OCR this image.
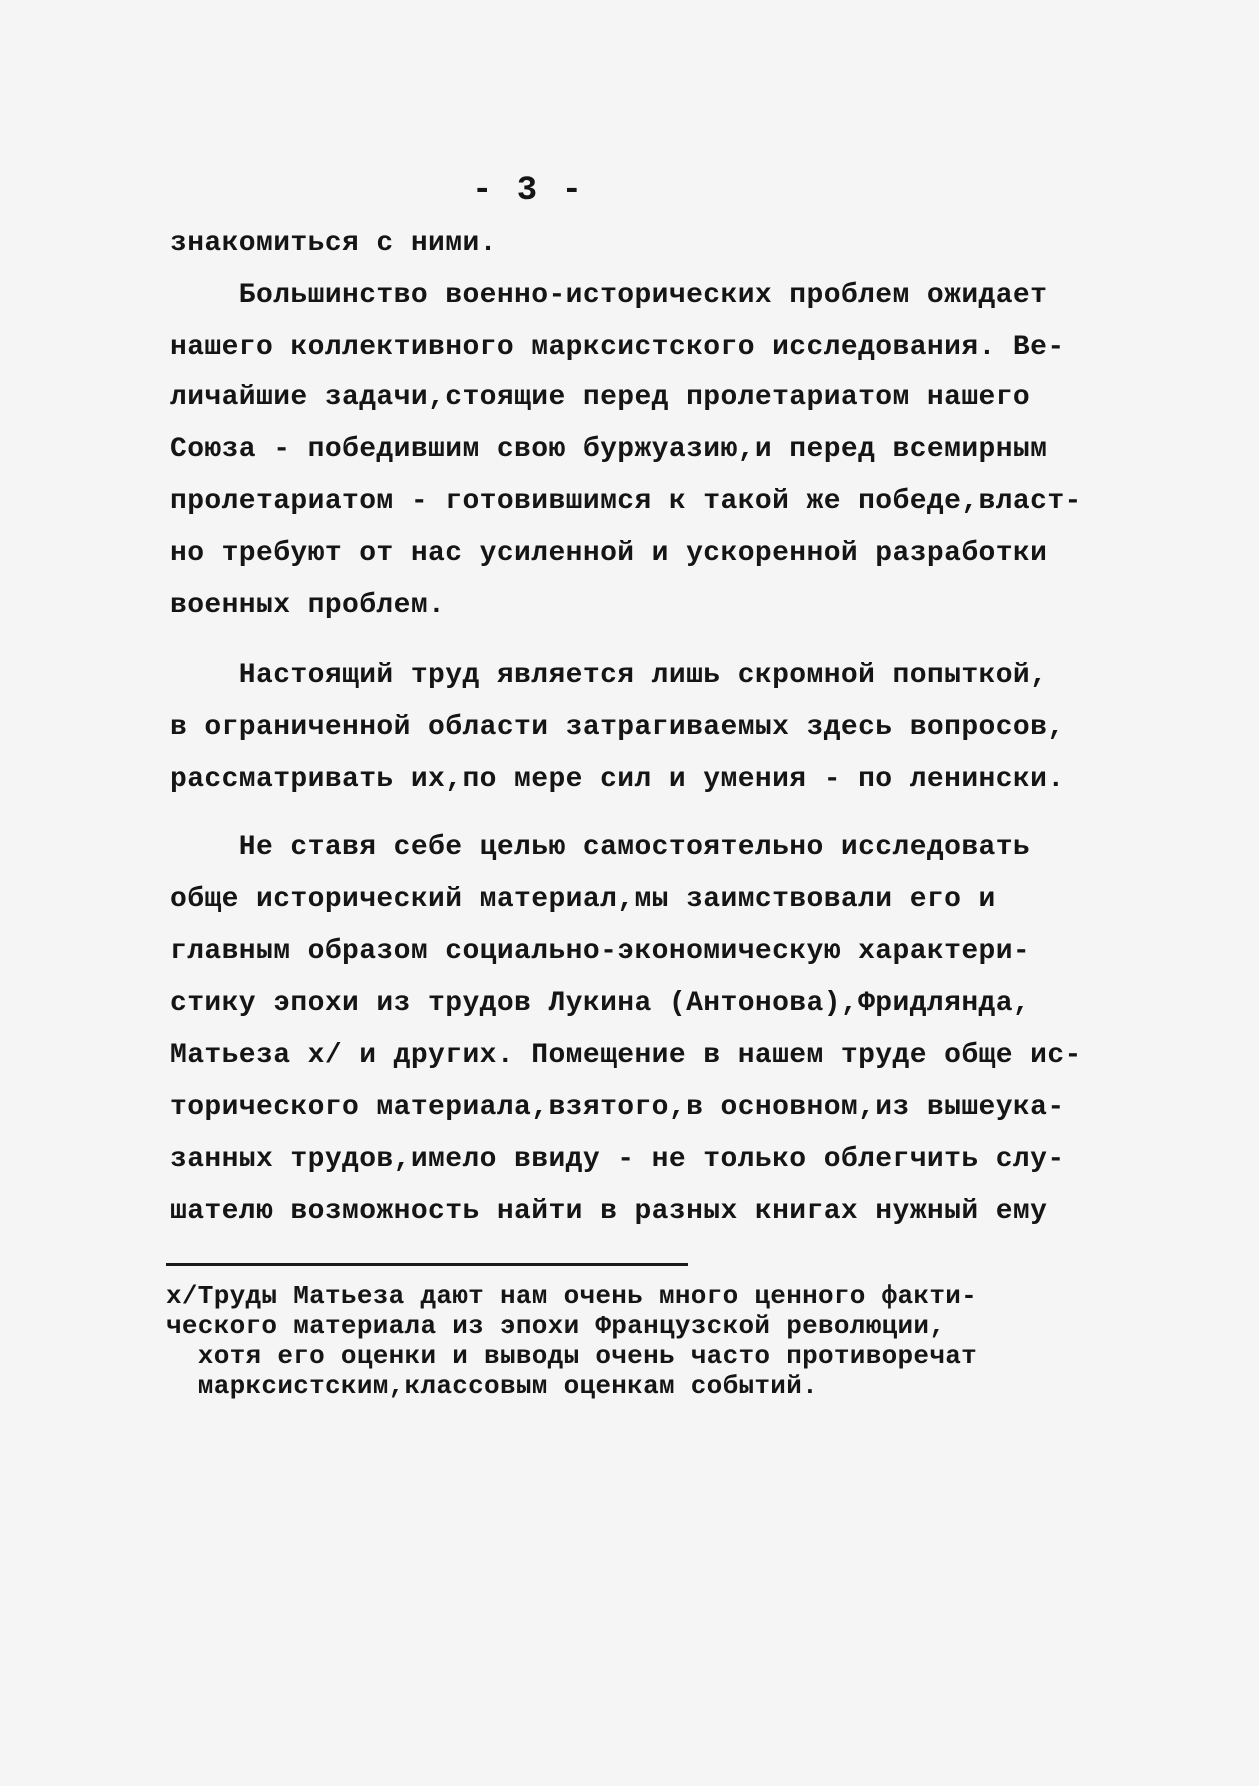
- 3 -
знакомиться с ними.
Большинство военно-исторических проблем ожидает
нашего коллективного марксистского исследования. Ве-
личайшие задачи,стоящие перед пролетариатом нашего
Союза - победившим свою буржуазию,и перед всемирным
пролетариатом - готовившимся к такой же победе,власт-
но требуют от нас усиленной и ускоренной разработки
военных проблем.
Настоящий труд является лишь скромной попыткой,
в ограниченной области затрагиваемых здесь вопросов,
рассматривать их,по мере сил и умения - по ленински.
Не ставя себе целью самостоятельно исследовать
обще исторический материал,мы заимствовали его и
главным образом социально-экономическую характери-
стику эпохи из трудов Лукина (Антонова),Фридлянда,
Матьеза х/ и других. Помещение в нашем труде обще ис-
торического материала,взятого,в основном,из вышеука-
занных трудов,имело ввиду - не только облегчить слу-
шателю возможность найти в разных книгах нужный ему
х/Труды Матьеза дают нам очень много ценного факти-
ческого материала из эпохи Французской революции,
хотя его оценки и выводы очень часто противоречат
марксистским,классовым оценкам событий.
